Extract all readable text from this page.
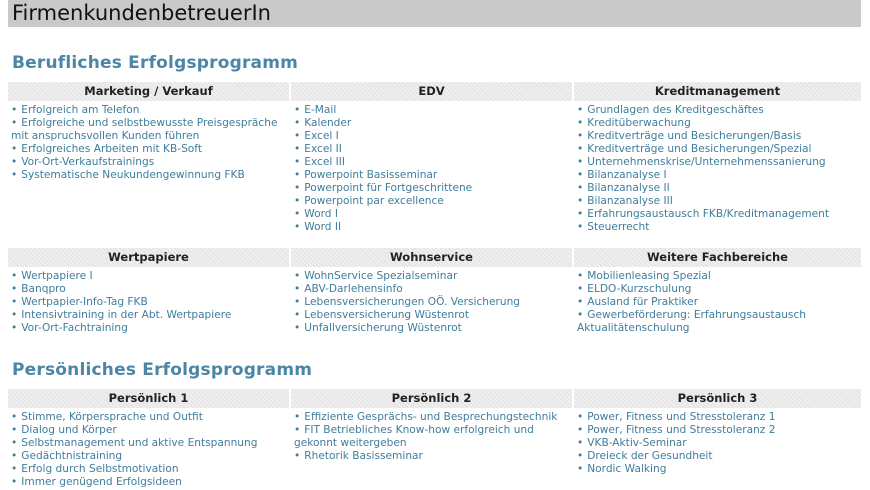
FirmenkundenbetreuerIn
Berufliches Erfolgsprogramm
Marketing / Verkauf
• Erfolgreich am Telefon
• Erfolgreiche und selbstbewusste Preisgespräche mit anspruchsvollen Kunden führen
• Erfolgreiches Arbeiten mit KB-Soft
• Vor-Ort-Verkaufstrainings
• Systematische Neukundengewinnung FKB
EDV
• E-Mail
• Kalender
• Excel I
• Excel II
• Excel III
• Powerpoint Basisseminar
• Powerpoint für Fortgeschrittene
• Powerpoint par excellence
• Word I
• Word II
Kreditmanagement
• Grundlagen des Kreditgeschäftes
• Kreditüberwachung
• Kreditverträge und Besicherungen/Basis
• Kreditverträge und Besicherungen/Spezial
• Unternehmenskrise/Unternehmenssanierung
• Bilanzanalyse I
• Bilanzanalyse II
• Bilanzanalyse III
• Erfahrungsaustausch FKB/Kreditmanagement
• Steuerrecht
Wertpapiere
• Wertpapiere I
• Banqpro
• Wertpapier-Info-Tag FKB
• Intensivtraining in der Abt. Wertpapiere
• Vor-Ort-Fachtraining
Wohnservice
• WohnService Spezialseminar
• ABV-Darlehensinfo
• Lebensversicherungen OÖ. Versicherung
• Lebensversicherung Wüstenrot
• Unfallversicherung Wüstenrot
Weitere Fachbereiche
• Mobilienleasing Spezial
• ELDO-Kurzschulung
• Ausland für Praktiker
• Gewerbeförderung: Erfahrungsaustausch Aktualitätenschulung
Persönliches Erfolgsprogramm
Persönlich 1
• Stimme, Körpersprache und Outfit
• Dialog und Körper
• Selbstmanagement und aktive Entspannung
• Gedächtnistraining
• Erfolg durch Selbstmotivation
• Immer genügend Erfolgsideen
Persönlich 2
• Effiziente Gesprächs- und Besprechungstechnik
• FIT Betriebliches Know-how erfolgreich und gekonnt weitergeben
• Rhetorik Basisseminar
Persönlich 3
• Power, Fitness und Stresstoleranz 1
• Power, Fitness und Stresstoleranz 2
• VKB-Aktiv-Seminar
• Dreieck der Gesundheit
• Nordic Walking
